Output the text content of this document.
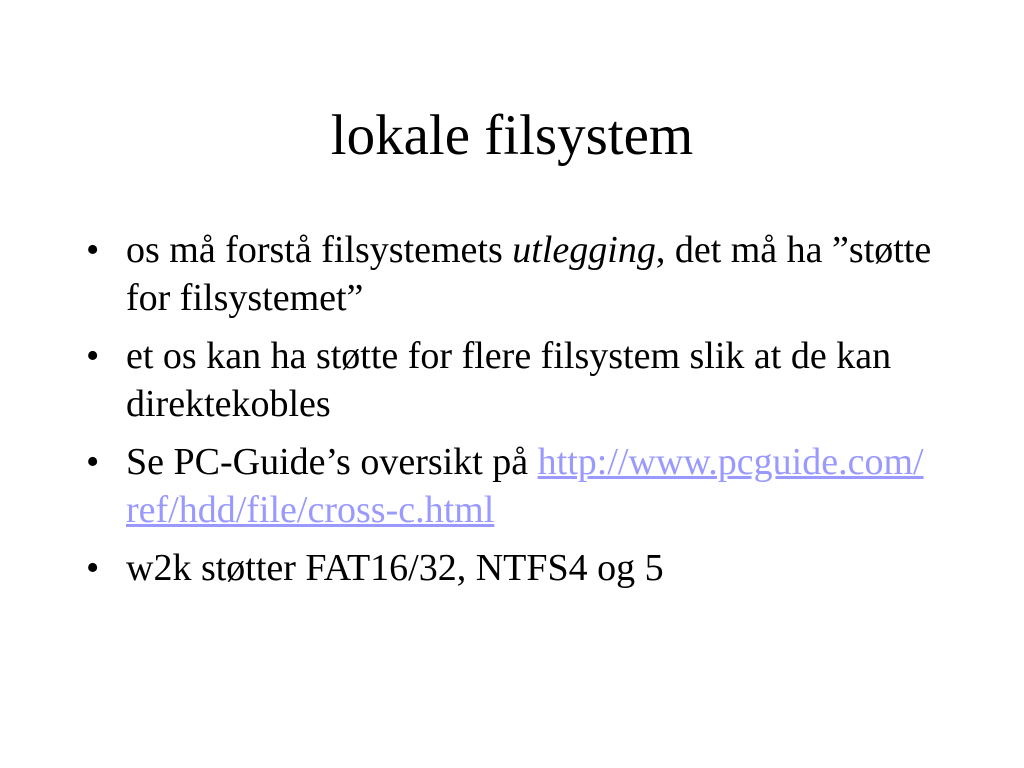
lokale filsystem
• os må forstå filsystemets utlegging, det må ha ”støtte for filsystemet”
• et os kan ha støtte for flere filsystem slik at de kan direktekobles
• Se PC-Guide’s oversikt på http://www.pcguide.com/ref/hdd/file/cross-c.html
• w2k støtter FAT16/32, NTFS4 og 5
